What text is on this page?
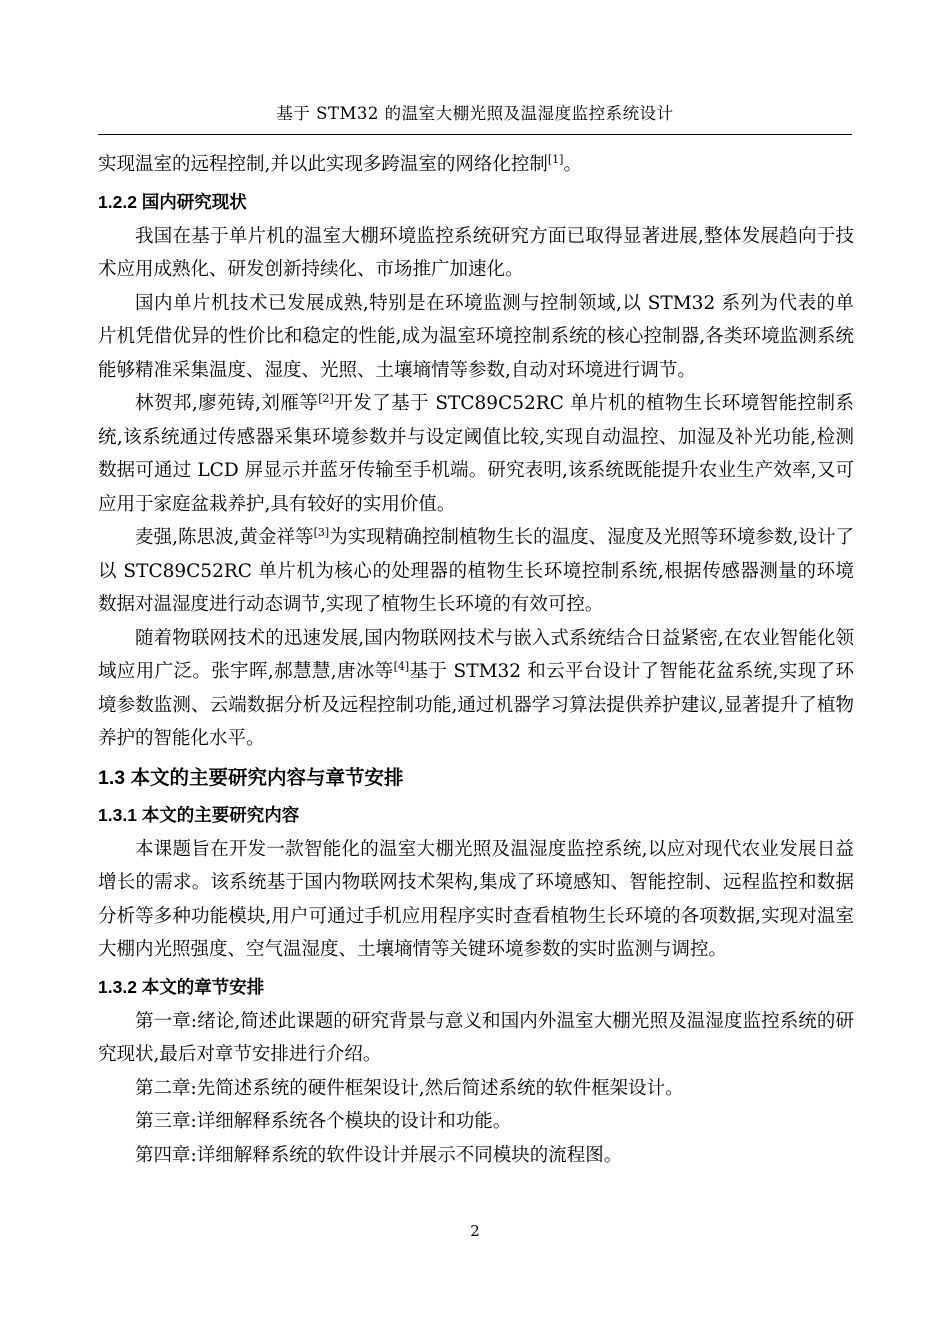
基于 STM32 的温室大棚光照及温湿度监控系统设计

实现温室的远程控制,并以此实现多跨温室的网络化控制[1]。

1.2.2 国内研究现状

我国在基于单片机的温室大棚环境监控系统研究方面已取得显著进展,整体发展趋向于技术应用成熟化、研发创新持续化、市场推广加速化。

国内单片机技术已发展成熟,特别是在环境监测与控制领域,以 STM32 系列为代表的单片机凭借优异的性价比和稳定的性能,成为温室环境控制系统的核心控制器,各类环境监测系统能够精准采集温度、湿度、光照、土壤墒情等参数,自动对环境进行调节。

林贺邦,廖苑铸,刘雁等[2]开发了基于 STC89C52RC 单片机的植物生长环境智能控制系统,该系统通过传感器采集环境参数并与设定阈值比较,实现自动温控、加湿及补光功能,检测数据可通过 LCD 屏显示并蓝牙传输至手机端。研究表明,该系统既能提升农业生产效率,又可应用于家庭盆栽养护,具有较好的实用价值。

麦强,陈思波,黄金祥等[3]为实现精确控制植物生长的温度、湿度及光照等环境参数,设计了以 STC89C52RC 单片机为核心的处理器的植物生长环境控制系统,根据传感器测量的环境数据对温湿度进行动态调节,实现了植物生长环境的有效可控。

随着物联网技术的迅速发展,国内物联网技术与嵌入式系统结合日益紧密,在农业智能化领域应用广泛。张宇晖,郝慧慧,唐冰等[4]基于 STM32 和云平台设计了智能花盆系统,实现了环境参数监测、云端数据分析及远程控制功能,通过机器学习算法提供养护建议,显著提升了植物养护的智能化水平。

1.3 本文的主要研究内容与章节安排
1.3.1 本文的主要研究内容

本课题旨在开发一款智能化的温室大棚光照及温湿度监控系统,以应对现代农业发展日益增长的需求。该系统基于国内物联网技术架构,集成了环境感知、智能控制、远程监控和数据分析等多种功能模块,用户可通过手机应用程序实时查看植物生长环境的各项数据,实现对温室大棚内光照强度、空气温湿度、土壤墒情等关键环境参数的实时监测与调控。

1.3.2 本文的章节安排

第一章:绪论,简述此课题的研究背景与意义和国内外温室大棚光照及温湿度监控系统的研究现状,最后对章节安排进行介绍。

第二章:先简述系统的硬件框架设计,然后简述系统的软件框架设计。

第三章:详细解释系统各个模块的设计和功能。

第四章:详细解释系统的软件设计并展示不同模块的流程图。

2
